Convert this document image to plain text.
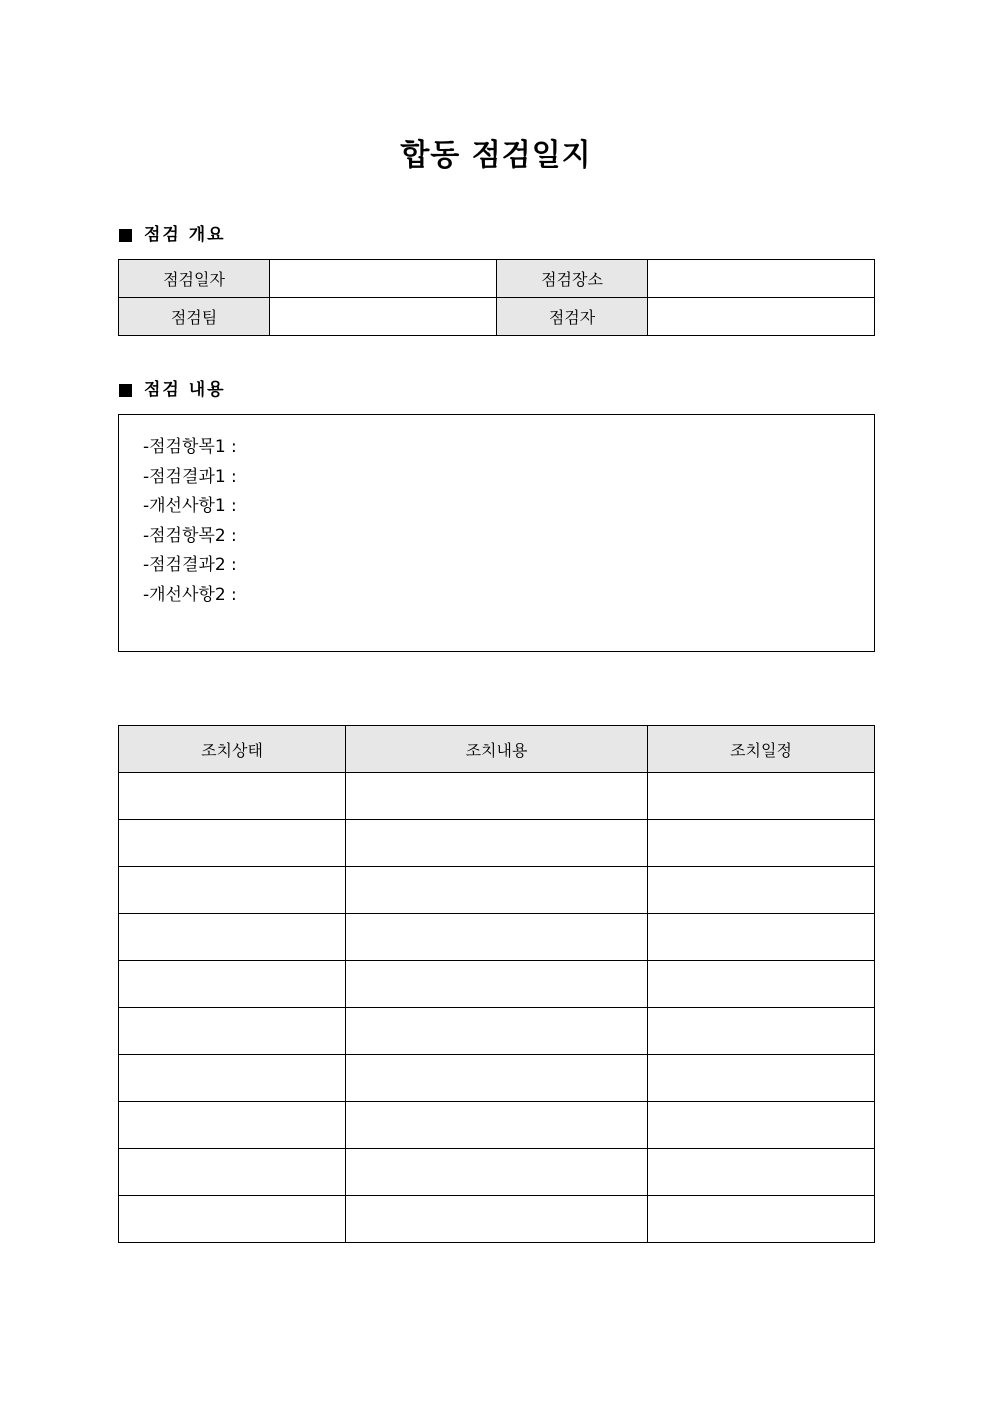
합동 점검일지
점검 개요
점검일자		점검장소	
점검팀		점검자	
점검 내용
-점검항목1 :
-점검결과1 :
-개선사항1 :
-점검항목2 :
-점검결과2 :
-개선사항2 :
조치상태	조치내용	조치일정
